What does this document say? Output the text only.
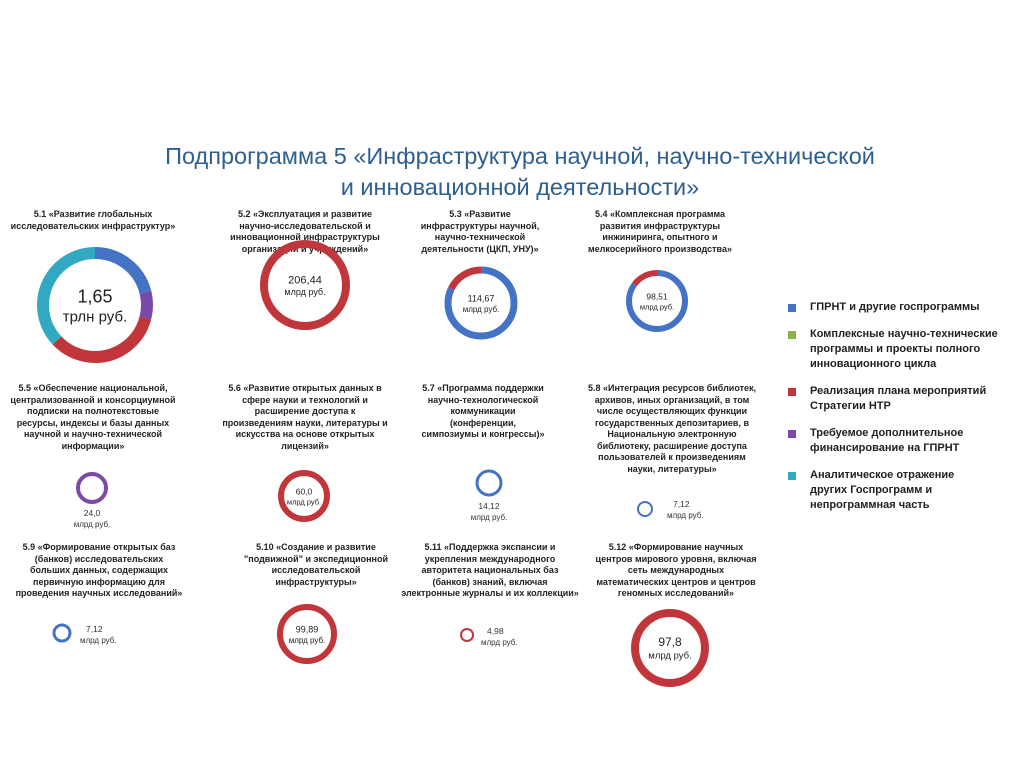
Подпрограмма 5 «Инфраструктура научной, научно-технической
и инновационной деятельности»
5.1 «Развитие глобальных
исследовательских инфраструктур»
5.2 «Эксплуатация и развитие
научно-исследовательской и
инновационной инфраструктуры
организаций и учреждений»
5.3 «Развитие
инфраструктуры научной,
научно-технической
деятельности (ЦКП, УНУ)»
5.4 «Комплексная программа
развития инфраструктуры
инжиниринга, опытного и
мелкосерийного производства»
5.5 «Обеспечение национальной,
централизованной и консорциумной
подписки на полнотекстовые
ресурсы, индексы и базы данных
научной и научно-технической
информации»
5.6 «Развитие открытых данных в
сфере науки и технологий и
расширение доступа к
произведениям науки, литературы и
искусства на основе открытых
лицензий»
5.7 «Программа поддержки
научно-технологической
коммуникации
(конференции,
симпозиумы и конгрессы)»
5.8 «Интеграция ресурсов библиотек,
архивов, иных организаций, в том
числе осуществляющих функции
государственных депозитариев, в
Национальную электронную
библиотеку, расширение доступа
пользователей к произведениям
науки, литературы»
5.9 «Формирование открытых баз
(банков) исследовательских
больших данных, содержащих
первичную информацию для
проведения научных исследований»
5.10 «Создание и развитие
"подвижной" и экспедиционной
исследовательской
инфраструктуры»
5.11 «Поддержка экспансии и
укрепления международного
авторитета национальных баз
(банков) знаний, включая
электронные журналы и их коллекции»
5.12 «Формирование научных
центров мирового уровня, включая
сеть международных
математических центров и центров
геномных исследований»
1,65
трлн руб.
206,44
млрд руб.
114,67
млрд руб.
98,51
млрд руб.
24,0
млрд руб.
60,0
млрд руб.	14,12
млрд руб.
7,12
млрд руб.
7,12
млрд руб.
99,89
млрд руб.
4,98
млрд руб.	97,8
млрд руб.
ГПРНТ и другие госпрограммы
Комплексные научно-технические
программы и проекты полного
инновационного цикла
Реализация плана мероприятий
Стратегии НТР
Требуемое дополнительное
финансирование на ГПРНТ
Аналитическое отражение
других Госпрограмм и
непрограммная часть
